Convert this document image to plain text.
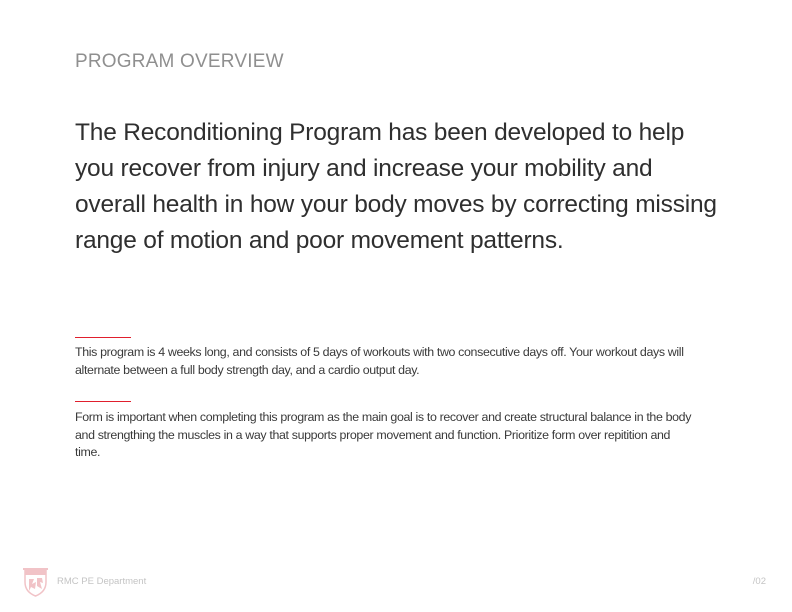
PROGRAM OVERVIEW

The Reconditioning Program has been developed to help you recover from injury and increase your mobility and overall health in how your body moves by correcting missing range of motion and poor movement patterns.

This program is 4 weeks long, and consists of 5 days of workouts with two consecutive days off. Your workout days will alternate between a full body strength day, and a cardio output day.

Form is important when completing this program as the main goal is to recover and create structural balance in the body and strengthing the muscles in a way that supports proper movement and function. Prioritize form over repitition and time.

RMC PE Department	/02
